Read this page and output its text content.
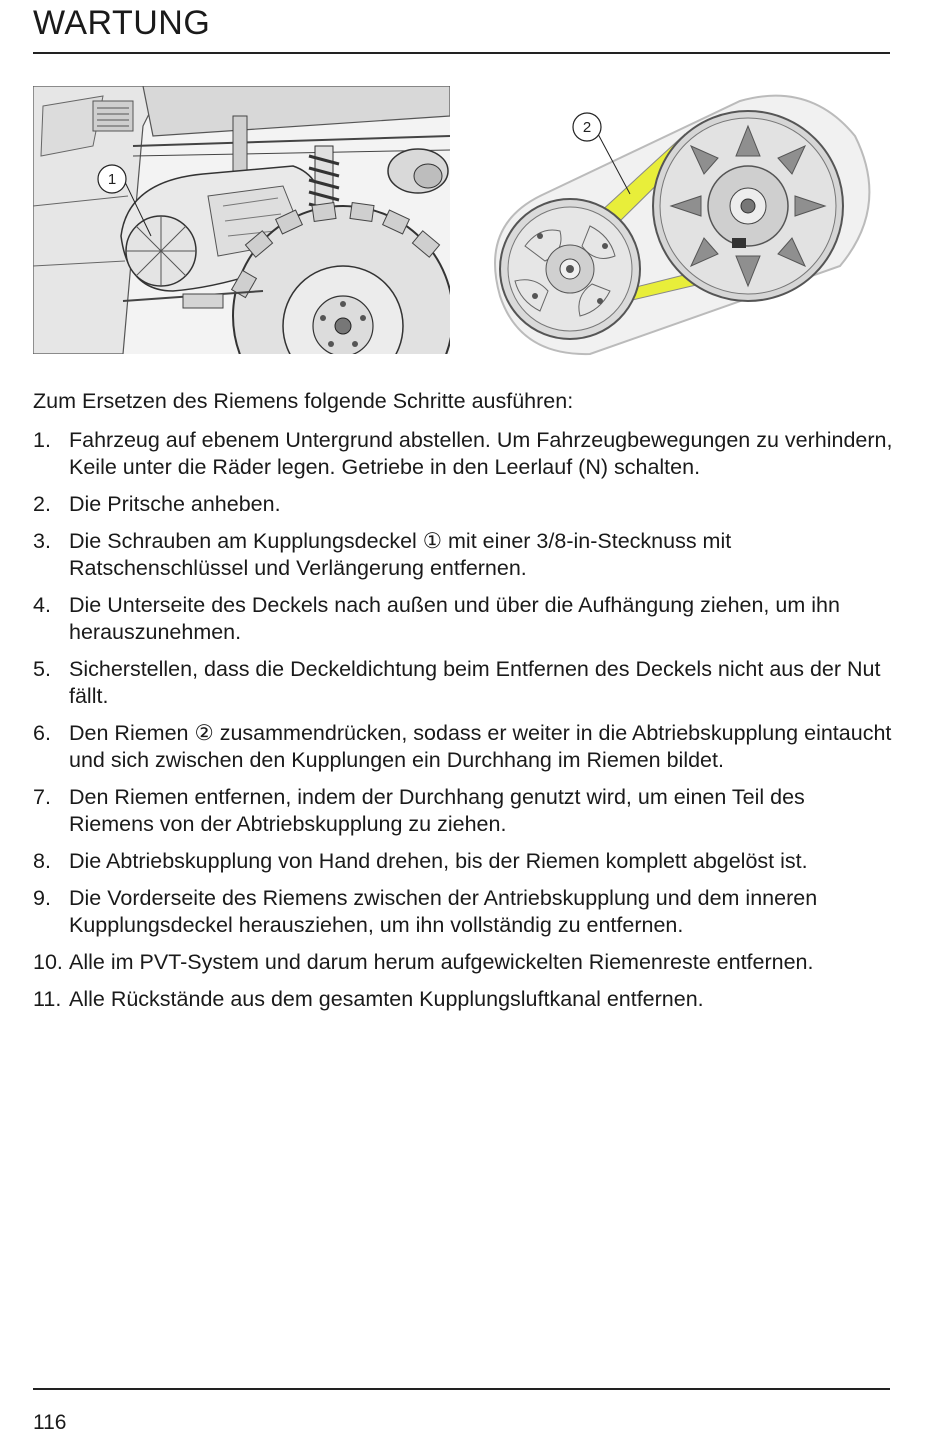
WARTUNG
1
2

Zum Ersetzen des Riemens folgende Schritte ausführen:

1. Fahrzeug auf ebenem Untergrund abstellen. Um Fahrzeugbewegungen zu verhindern, Keile unter die Räder legen. Getriebe in den Leerlauf (N) schalten.
2. Die Pritsche anheben.
3. Die Schrauben am Kupplungsdeckel ① mit einer 3/8-in-Stecknuss mit Ratschenschlüssel und Verlängerung entfernen.
4. Die Unterseite des Deckels nach außen und über die Aufhängung ziehen, um ihn herauszunehmen.
5. Sicherstellen, dass die Deckeldichtung beim Entfernen des Deckels nicht aus der Nut fällt.
6. Den Riemen ② zusammendrücken, sodass er weiter in die Abtriebskupplung eintaucht und sich zwischen den Kupplungen ein Durchhang im Riemen bildet.
7. Den Riemen entfernen, indem der Durchhang genutzt wird, um einen Teil des Riemens von der Abtriebskupplung zu ziehen.
8. Die Abtriebskupplung von Hand drehen, bis der Riemen komplett abgelöst ist.
9. Die Vorderseite des Riemens zwischen der Antriebskupplung und dem inneren Kupplungsdeckel herausziehen, um ihn vollständig zu entfernen.
10. Alle im PVT-System und darum herum aufgewickelten Riemenreste entfernen.
11. Alle Rückstände aus dem gesamten Kupplungsluftkanal entfernen.

116
